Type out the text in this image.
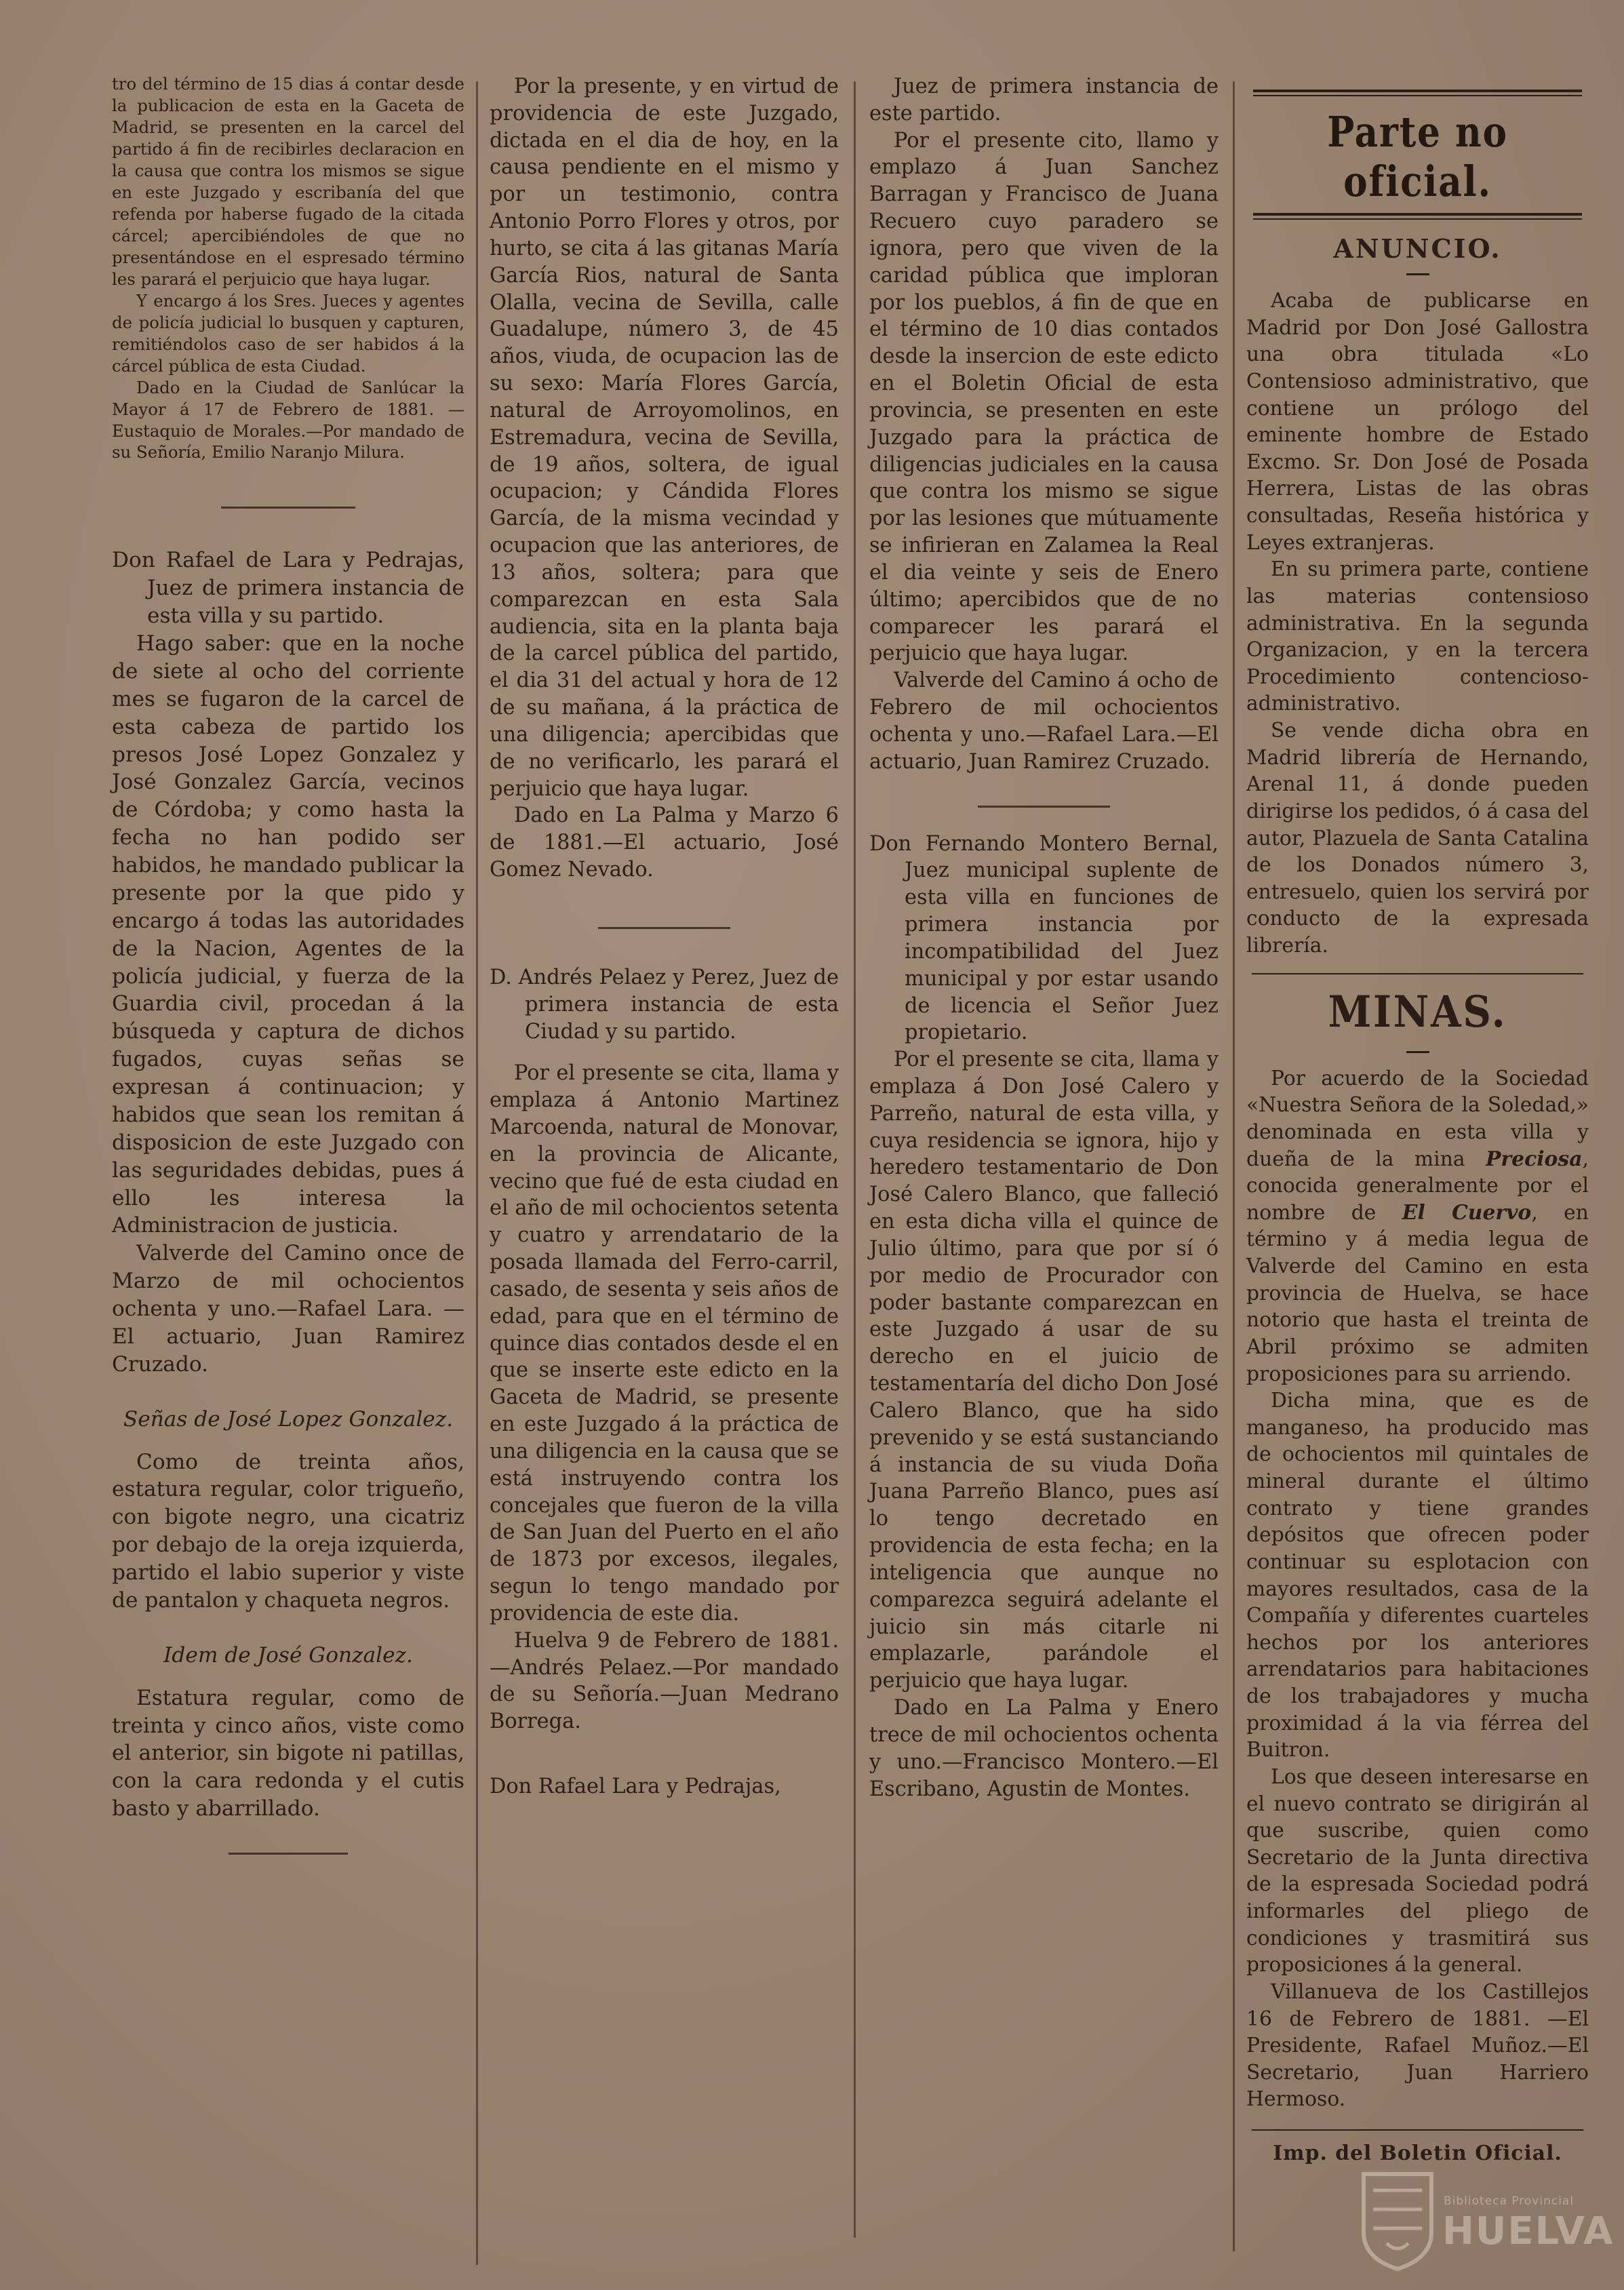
tro del término de 15 dias á contar desde la publicacion de esta en la Gaceta de Madrid, se presenten en la carcel del partido á fin de recibirles declaracion en la causa que contra los mismos se sigue en este Juzgado y escribanía del que refenda por haberse fugado de la citada cárcel; apercibiéndoles de que no presentándose en el espresado término les parará el perjuicio que haya lugar.

Y encargo á los Sres. Jueces y agentes de policía judicial lo busquen y capturen, remitiéndolos caso de ser habidos á la cárcel pública de esta Ciudad.

Dado en la Ciudad de Sanlúcar la Mayor á 17 de Febrero de 1881. —Eustaquio de Morales.—Por mandado de su Señoría, Emilio Naranjo Milura.

Don Rafael de Lara y Pedrajas, Juez de primera instancia de esta villa y su partido.

Hago saber: que en la noche de siete al ocho del corriente mes se fugaron de la carcel de esta cabeza de partido los presos José Lopez Gonzalez y José Gonzalez García, vecinos de Córdoba; y como hasta la fecha no han podido ser habidos, he mandado publicar la presente por la que pido y encargo á todas las autoridades de la Nacion, Agentes de la policía judicial, y fuerza de la Guardia civil, procedan á la búsqueda y captura de dichos fugados, cuyas señas se expresan á continuacion; y habidos que sean los remitan á disposicion de este Juzgado con las seguridades debidas, pues á ello les interesa la Administracion de justicia.

Valverde del Camino once de Marzo de mil ochocientos ochenta y uno.—Rafael Lara. —El actuario, Juan Ramirez Cruzado.

Señas de José Lopez Gonzalez.

Como de treinta años, estatura regular, color trigueño, con bigote negro, una cicatriz por debajo de la oreja izquierda, partido el labio superior y viste de pantalon y chaqueta negros.

Idem de José Gonzalez.

Estatura regular, como de treinta y cinco años, viste como el anterior, sin bigote ni patillas, con la cara redonda y el cutis basto y abarrillado.

Por la presente, y en virtud de providencia de este Juzgado, dictada en el dia de hoy, en la causa pendiente en el mismo y por un testimonio, contra Antonio Porro Flores y otros, por hurto, se cita á las gitanas María García Rios, natural de Santa Olalla, vecina de Sevilla, calle Guadalupe, número 3, de 45 años, viuda, de ocupacion las de su sexo: María Flores García, natural de Arroyomolinos, en Estremadura, vecina de Sevilla, de 19 años, soltera, de igual ocupacion; y Cándida Flores García, de la misma vecindad y ocupacion que las anteriores, de 13 años, soltera; para que comparezcan en esta Sala audiencia, sita en la planta baja de la carcel pública del partido, el dia 31 del actual y hora de 12 de su mañana, á la práctica de una diligencia; apercibidas que de no verificarlo, les parará el perjuicio que haya lugar.

Dado en La Palma y Marzo 6 de 1881.—El actuario, José Gomez Nevado.

D. Andrés Pelaez y Perez, Juez de primera instancia de esta Ciudad y su partido.

Por el presente se cita, llama y emplaza á Antonio Martinez Marcoenda, natural de Monovar, en la provincia de Alicante, vecino que fué de esta ciudad en el año de mil ochocientos setenta y cuatro y arrendatario de la posada llamada del Ferro-carril, casado, de sesenta y seis años de edad, para que en el término de quince dias contados desde el en que se inserte este edicto en la Gaceta de Madrid, se presente en este Juzgado á la práctica de una diligencia en la causa que se está instruyendo contra los concejales que fueron de la villa de San Juan del Puerto en el año de 1873 por excesos, ilegales, segun lo tengo mandado por providencia de este dia.

Huelva 9 de Febrero de 1881.—Andrés Pelaez.—Por mandado de su Señoría.—Juan Medrano Borrega.

Don Rafael Lara y Pedrajas,

Juez de primera instancia de este partido.

Por el presente cito, llamo y emplazo á Juan Sanchez Barragan y Francisco de Juana Recuero cuyo paradero se ignora, pero que viven de la caridad pública que imploran por los pueblos, á fin de que en el término de 10 dias contados desde la insercion de este edicto en el Boletin Oficial de esta provincia, se presenten en este Juzgado para la práctica de diligencias judiciales en la causa que contra los mismo se sigue por las lesiones que mútuamente se infirieran en Zalamea la Real el dia veinte y seis de Enero último; apercibidos que de no comparecer les parará el perjuicio que haya lugar.

Valverde del Camino á ocho de Febrero de mil ochocientos ochenta y uno.—Rafael Lara.—El actuario, Juan Ramirez Cruzado.

Don Fernando Montero Bernal, Juez municipal suplente de esta villa en funciones de primera instancia por incompatibilidad del Juez municipal y por estar usando de licencia el Señor Juez propietario.

Por el presente se cita, llama y emplaza á Don José Calero y Parreño, natural de esta villa, y cuya residencia se ignora, hijo y heredero testamentario de Don José Calero Blanco, que falleció en esta dicha villa el quince de Julio último, para que por sí ó por medio de Procurador con poder bastante comparezcan en este Juzgado á usar de su derecho en el juicio de testamentaría del dicho Don José Calero Blanco, que ha sido prevenido y se está sustanciando á instancia de su viuda Doña Juana Parreño Blanco, pues así lo tengo decretado en providencia de esta fecha; en la inteligencia que aunque no comparezca seguirá adelante el juicio sin más citarle ni emplazarle, parándole el perjuicio que haya lugar.

Dado en La Palma y Enero trece de mil ochocientos ochenta y uno.—Francisco Montero.—El Escribano, Agustin de Montes.

Parte no oficial.
ANUNCIO.

Acaba de publicarse en Madrid por Don José Gallostra una obra titulada «Lo Contensioso administrativo, que contiene un prólogo del eminente hombre de Estado Excmo. Sr. Don José de Posada Herrera, Listas de las obras consultadas, Reseña histórica y Leyes extranjeras.

En su primera parte, contiene las materias contensioso administrativa. En la segunda Organizacion, y en la tercera Procedimiento contencioso-administrativo.

Se vende dicha obra en Madrid librería de Hernando, Arenal 11, á donde pueden dirigirse los pedidos, ó á casa del autor, Plazuela de Santa Catalina de los Donados número 3, entresuelo, quien los servirá por conducto de la expresada librería.

MINAS.

Por acuerdo de la Sociedad «Nuestra Señora de la Soledad,» denominada en esta villa y dueña de la mina Preciosa, conocida generalmente por el nombre de El Cuervo, en término y á media legua de Valverde del Camino en esta provincia de Huelva, se hace notorio que hasta el treinta de Abril próximo se admiten proposiciones para su arriendo.

Dicha mina, que es de manganeso, ha producido mas de ochocientos mil quintales de mineral durante el último contrato y tiene grandes depósitos que ofrecen poder continuar su esplotacion con mayores resultados, casa de la Compañía y diferentes cuarteles hechos por los anteriores arrendatarios para habitaciones de los trabajadores y mucha proximidad á la via férrea del Buitron.

Los que deseen interesarse en el nuevo contrato se dirigirán al que suscribe, quien como Secretario de la Junta directiva de la espresada Sociedad podrá informarles del pliego de condiciones y trasmitirá sus proposiciones á la general.

Villanueva de los Castillejos 16 de Febrero de 1881. —El Presidente, Rafael Muñoz.—El Secretario, Juan Harriero Hermoso.

Imp. del Boletin Oficial.

Biblioteca Provincial
HUELVA
